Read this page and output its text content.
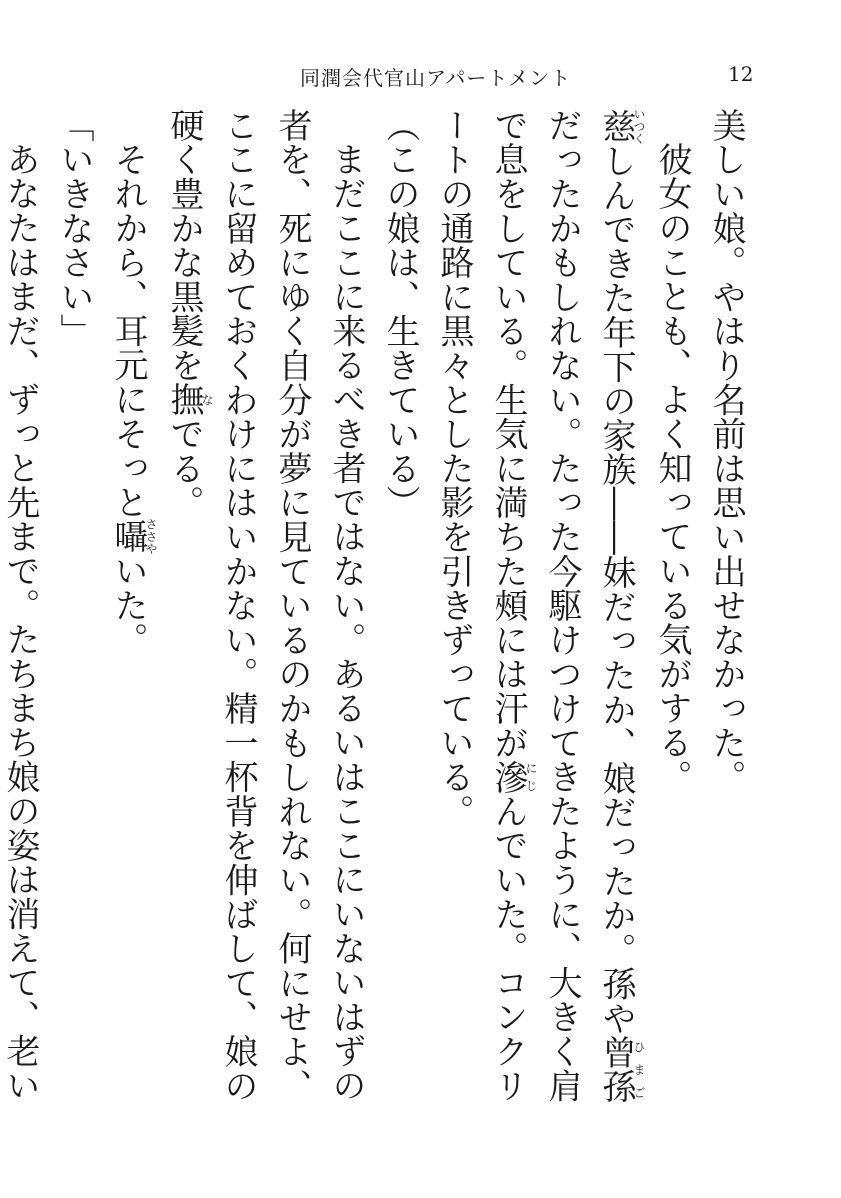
同潤会代官山アパートメント	12

美しい娘。やはり名前は思い出せなかった。

彼女のことも、よく知っている気がする。

慈いつくしんできた年下の家族――妹だったか、娘だったか。孫や曾孫ひまごだったかもしれない。たった今駆けつけてきたように、大きく肩で息をしている。生気に満ちた頰には汗が滲にじんでいた。コンクリートの通路に黒々とした影を引きずっている。

（この娘は、生きている）

まだここに来るべき者ではない。あるいはここにいないはずの者を、死にゆく自分が夢に見ているのかもしれない。何にせよ、ここに留めておくわけにはいかない。精一杯背を伸ばして、娘の硬く豊かな黒髪を撫なでる。

それから、耳元にそっと囁ささやいた。

「いきなさい」

あなたはまだ、ずっと先まで。たちまち娘の姿は消えて、老い
